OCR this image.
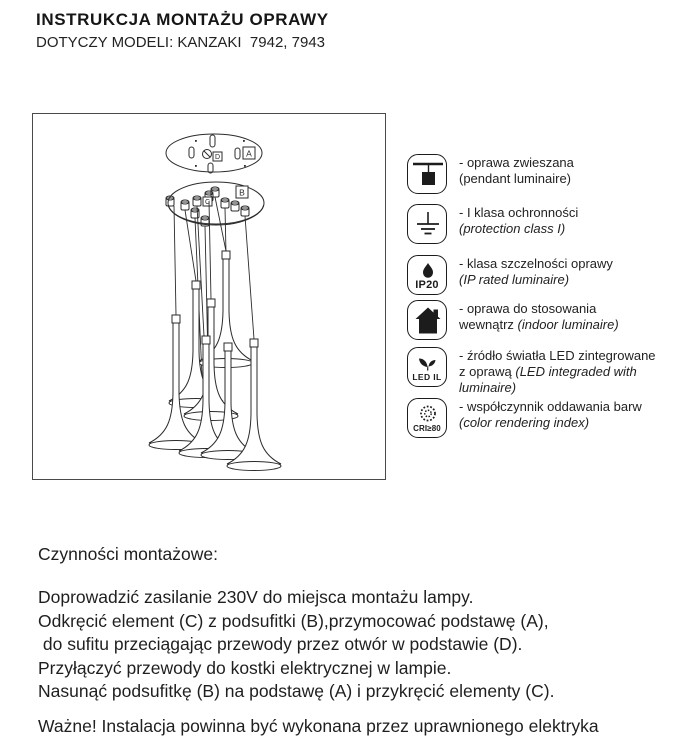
INSTRUKCJA MONTAŻU OPRAWY
DOTYCZY MODELI: KANZAKI  7942, 7943
D	A
C
B
- oprawa zwieszana
(pendant luminaire)
- I klasa ochronności
(protection class I)
IP20
- klasa szczelności oprawy
(IP rated luminaire)
- oprawa do stosowania
wewnątrz (indoor luminaire)
LED IL
- źródło światła LED zintegrowane
z oprawą (LED integraded with
luminaire)
CRI≥80
- współczynnik oddawania barw
(color rendering index)
Czynności montażowe:
Doprowadzić zasilanie 230V do miejsca montażu lampy.
Odkręcić element (C) z podsufitki (B),przymocować podstawę (A),
do sufitu przeciągając przewody przez otwór w podstawie (D).
Przyłączyć przewody do kostki elektrycznej w lampie.
Nasunąć podsufitkę (B) na podstawę (A) i przykręcić elementy (C).
Ważne! Instalacja powinna być wykonana przez uprawnionego elektryka
